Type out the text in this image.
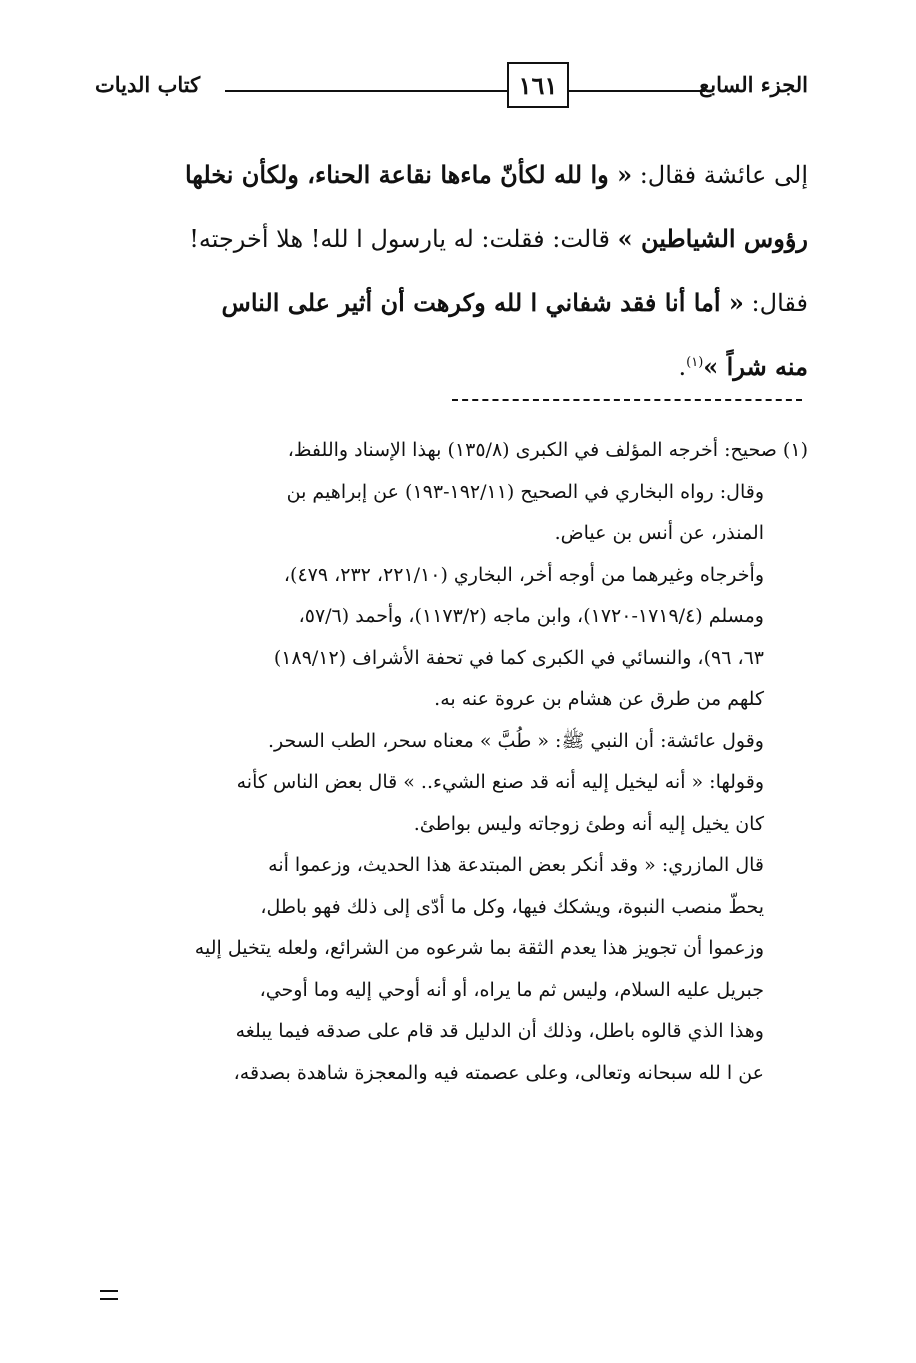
الجزء السابع
١٦١
كتاب الديات

إلى عائشة فقال: « وا لله لكأنّ ماءها نقاعة الحناء، ولكأن نخلها

رؤوس الشياطين » قالت: فقلت: له يارسول ا لله! هلا أخرجته!

فقال: « أما أنا فقد شفاني ا لله وكرهت أن أثير على الناس

منه شراً »$^{(١)}$.

(١) صحيح: أخرجه المؤلف في الكبرى (١٣٥/٨) بهذا الإسناد واللفظ،

وقال: رواه البخاري في الصحيح (١٩٢/١١-١٩٣) عن إبراهيم بن

المنذر، عن أنس بن عياض.

وأخرجاه وغيرهما من أوجه أخر، البخاري (٢٢١/١٠، ٢٣٢، ٤٧٩)،

ومسلم (١٧١٩/٤-١٧٢٠)، وابن ماجه (١١٧٣/٢)، وأحمد (٥٧/٦،

٦٣، ٩٦)، والنسائي في الكبرى كما في تحفة الأشراف (١٨٩/١٢)

كلهم من طرق عن هشام بن عروة عنه به.

وقول عائشة: أن النبي ﷺ: « طُبَّ » معناه سحر، الطب السحر.

وقولها: « أنه ليخيل إليه أنه قد صنع الشيء.. » قال بعض الناس كأنه

كان يخيل إليه أنه وطئ زوجاته وليس بواطئ.

قال المازري: « وقد أنكر بعض المبتدعة هذا الحديث، وزعموا أنه

يحطّ منصب النبوة، ويشكك فيها، وكل ما أدّى إلى ذلك فهو باطل،

وزعموا أن تجويز هذا يعدم الثقة بما شرعوه من الشرائع، ولعله يتخيل إليه

جبريل عليه السلام، وليس ثم ما يراه، أو أنه أوحي إليه وما أوحي،

وهذا الذي قالوه باطل، وذلك أن الدليل قد قام على صدقه فيما يبلغه

عن ا لله سبحانه وتعالى، وعلى عصمته فيه والمعجزة شاهدة بصدقه،
